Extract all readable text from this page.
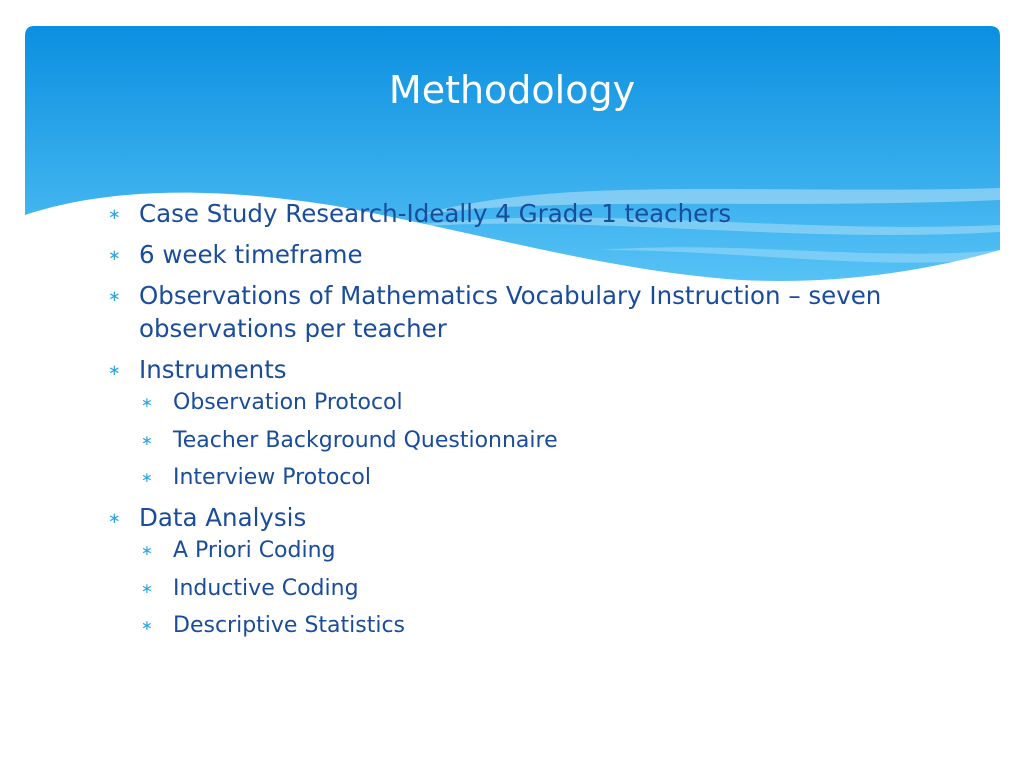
Methodology
∗ Case Study Research-Ideally 4 Grade 1 teachers
∗ 6 week timeframe
∗ Observations of Mathematics Vocabulary Instruction – seven observations per teacher
∗ Instruments
∗ Observation Protocol
∗ Teacher Background Questionnaire
∗ Interview Protocol
∗ Data Analysis
∗ A Priori Coding
∗ Inductive Coding
∗ Descriptive Statistics
